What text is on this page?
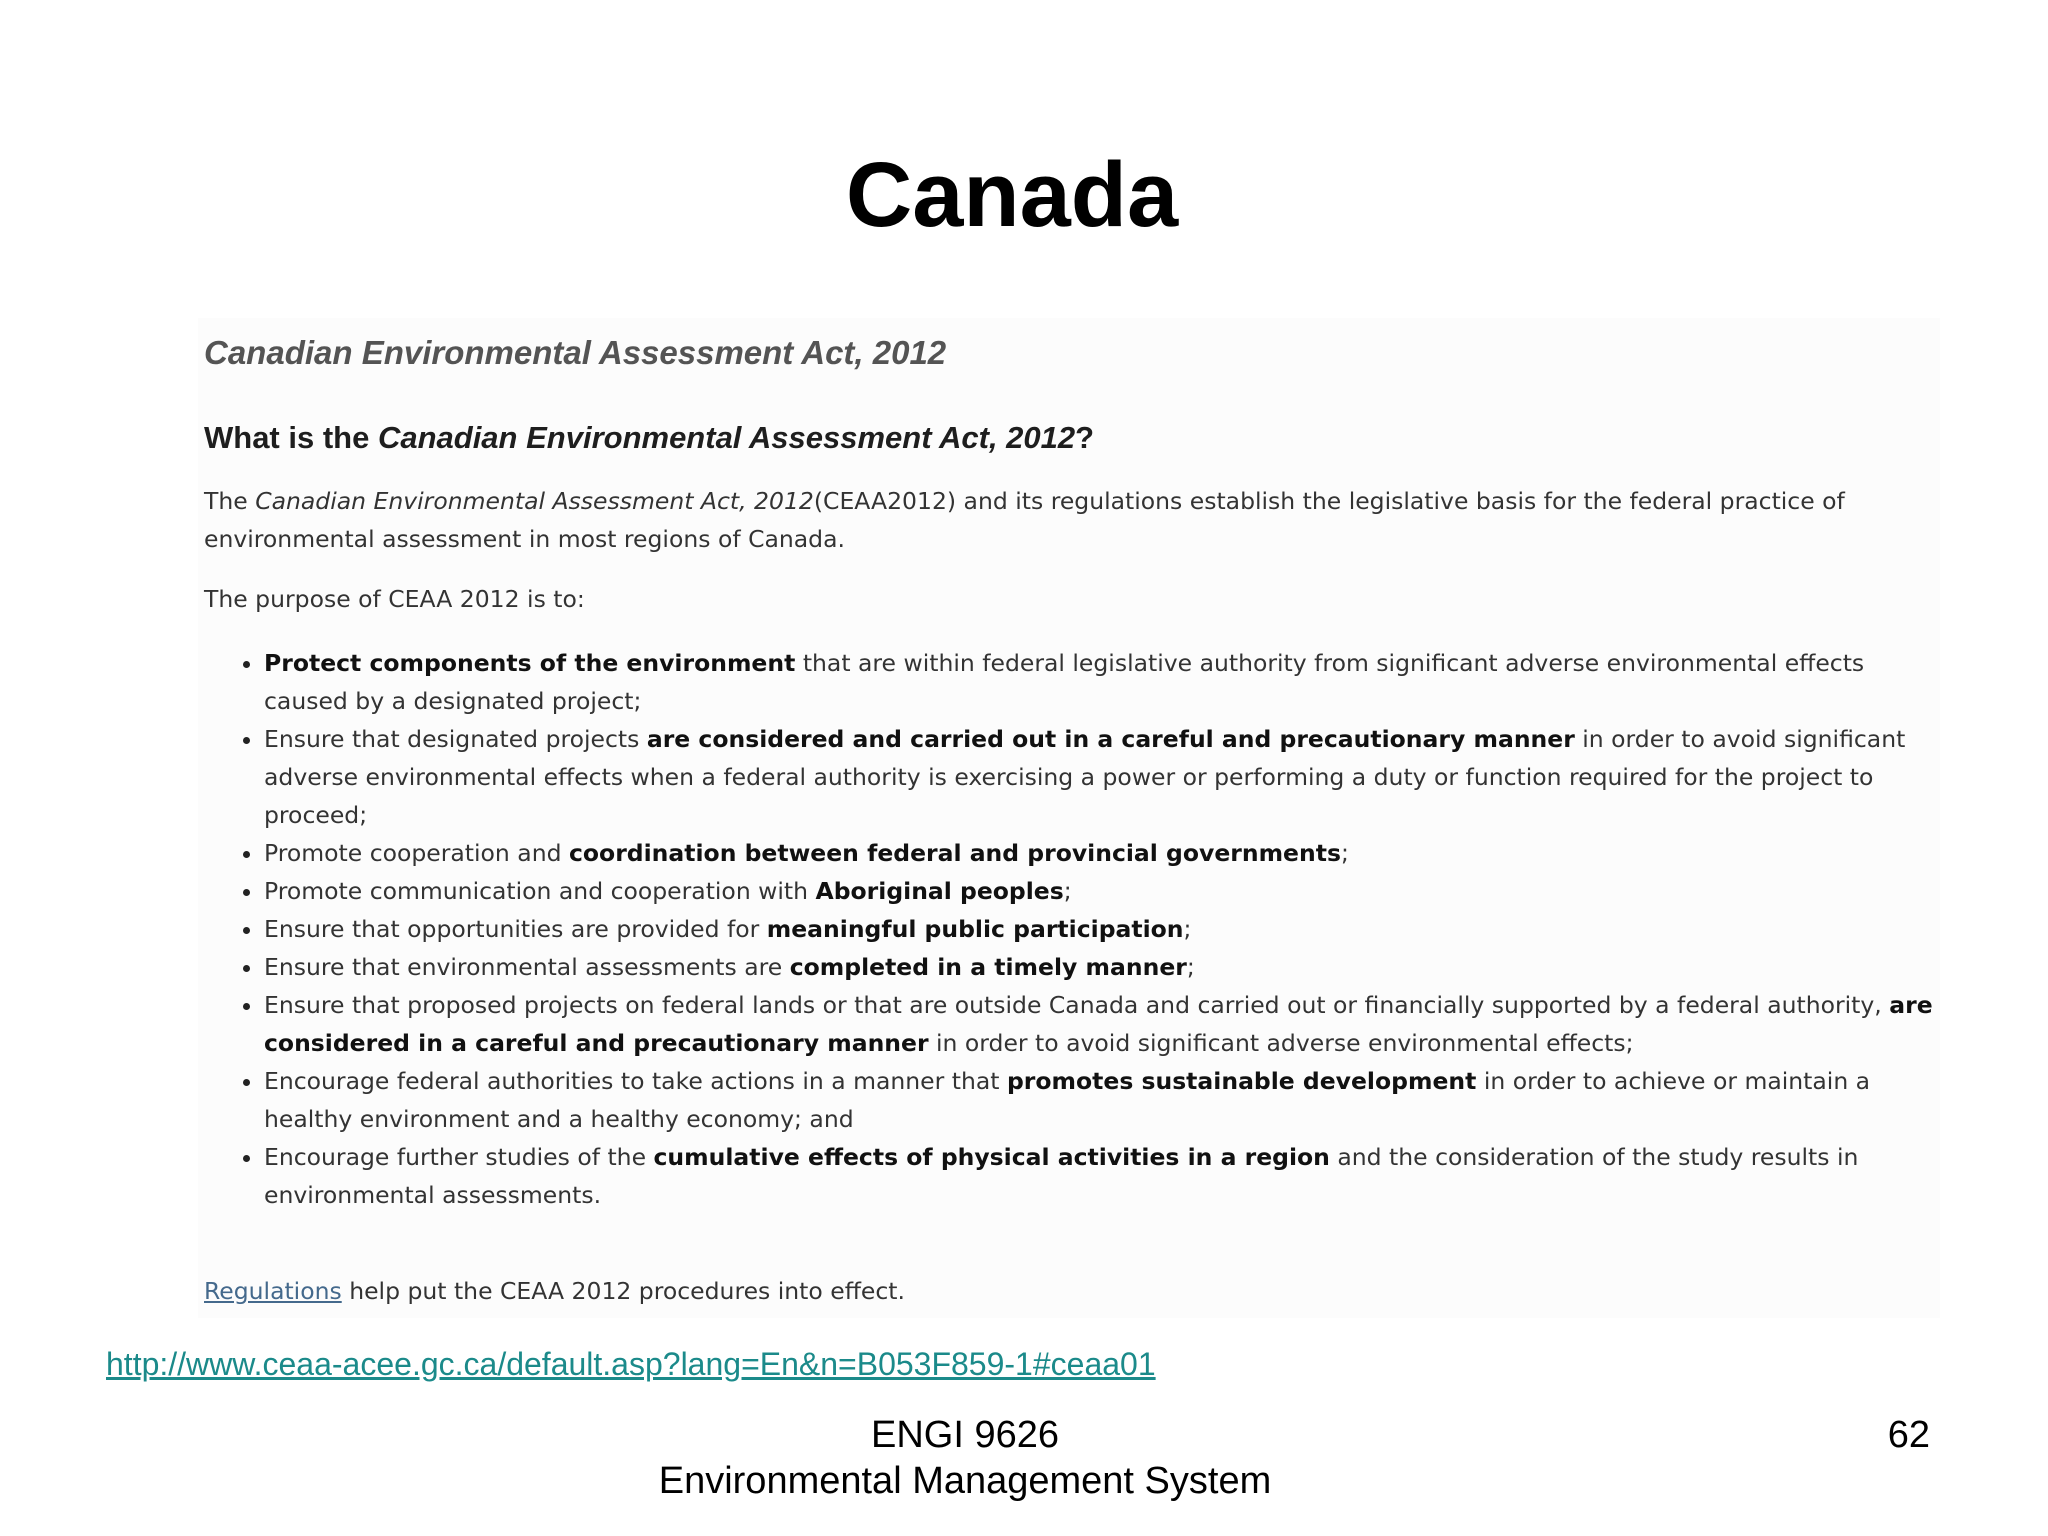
Canada
Canadian Environmental Assessment Act, 2012
What is the Canadian Environmental Assessment Act, 2012?

The Canadian Environmental Assessment Act, 2012(CEAA2012) and its regulations establish the legislative basis for the federal practice of environmental assessment in most regions of Canada.

The purpose of CEAA 2012 is to:

• Protect components of the environment that are within federal legislative authority from significant adverse environmental effects caused by a designated project;
• Ensure that designated projects are considered and carried out in a careful and precautionary manner in order to avoid significant adverse environmental effects when a federal authority is exercising a power or performing a duty or function required for the project to proceed;
• Promote cooperation and coordination between federal and provincial governments;
• Promote communication and cooperation with Aboriginal peoples;
• Ensure that opportunities are provided for meaningful public participation;
• Ensure that environmental assessments are completed in a timely manner;
• Ensure that proposed projects on federal lands or that are outside Canada and carried out or financially supported by a federal authority, are considered in a careful and precautionary manner in order to avoid significant adverse environmental effects;
• Encourage federal authorities to take actions in a manner that promotes sustainable development in order to achieve or maintain a healthy environment and a healthy economy; and
• Encourage further studies of the cumulative effects of physical activities in a region and the consideration of the study results in environmental assessments.

Regulations help put the CEAA 2012 procedures into effect.

http://www.ceaa-acee.gc.ca/default.asp?lang=En&n=B053F859-1#ceaa01
ENGI 9626
Environmental Management System
62
